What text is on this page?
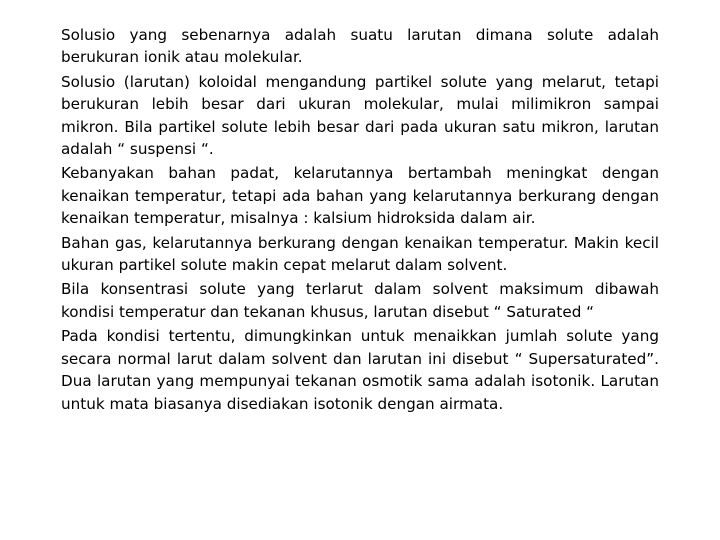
Solusio yang sebenarnya adalah suatu larutan dimana solute adalah berukuran ionik atau molekular.

Solusio (larutan) koloidal mengandung partikel solute yang melarut, tetapi berukuran lebih besar dari ukuran molekular, mulai milimikron sampai mikron. Bila partikel solute lebih besar dari pada ukuran satu mikron, larutan adalah “ suspensi “.

Kebanyakan bahan padat, kelarutannya bertambah meningkat dengan kenaikan temperatur, tetapi ada bahan yang kelarutannya berkurang dengan kenaikan temperatur, misalnya : kalsium hidroksida dalam air.

Bahan gas, kelarutannya berkurang dengan kenaikan temperatur. Makin kecil ukuran partikel solute makin cepat melarut dalam solvent.

Bila konsentrasi solute yang terlarut dalam solvent maksimum dibawah kondisi temperatur dan tekanan khusus, larutan disebut “ Saturated “

Pada kondisi tertentu, dimungkinkan untuk menaikkan jumlah solute yang secara normal larut dalam solvent dan larutan ini disebut “ Supersaturated”. Dua larutan yang mempunyai tekanan osmotik sama adalah isotonik. Larutan untuk mata biasanya disediakan isotonik dengan airmata.
